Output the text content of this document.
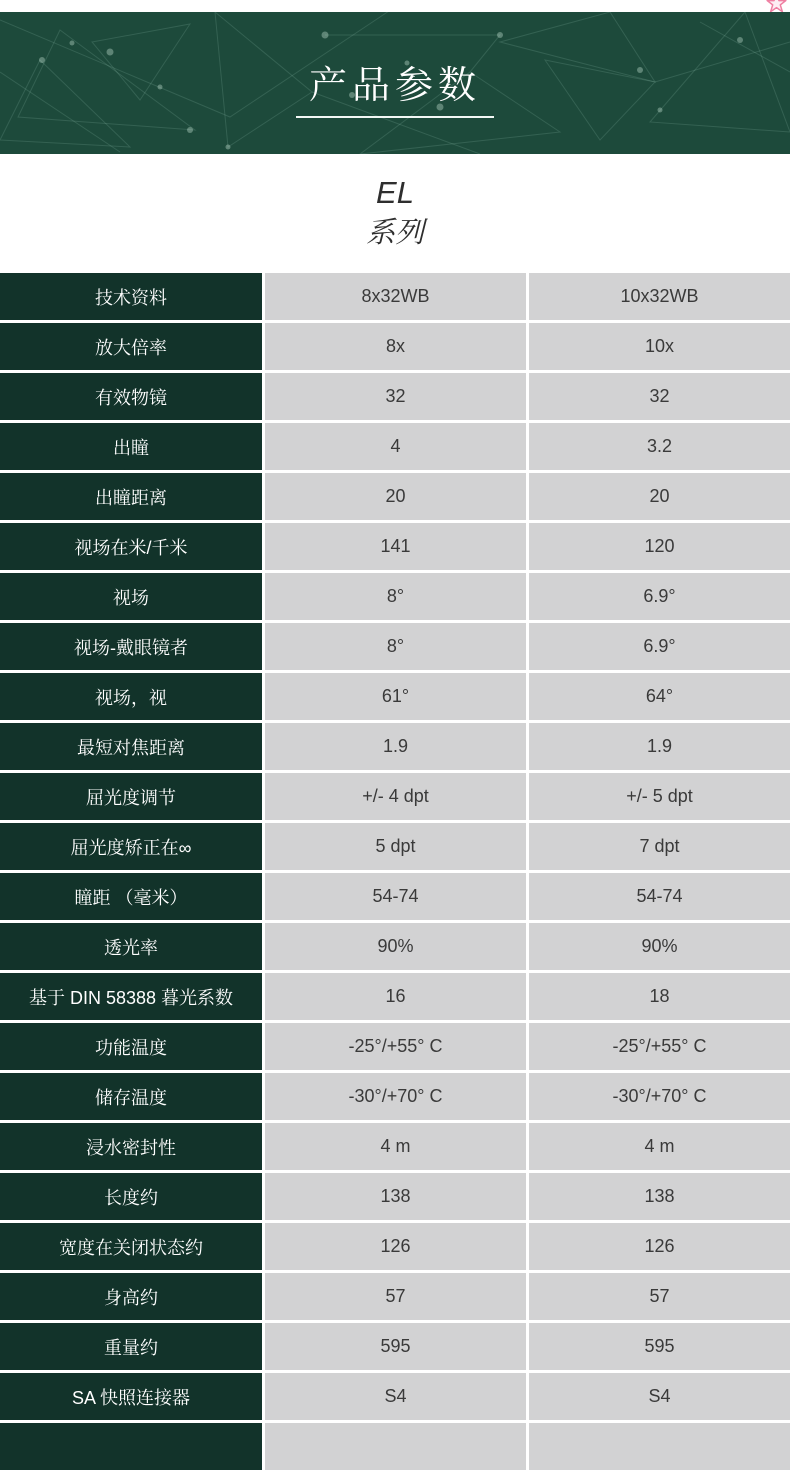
产品参数
EL
系列
技术资料	8x32WB	10x32WB
放大倍率	8x	10x
有效物镜	32	32
出瞳	4	3.2
出瞳距离	20	20
视场在米/千米	141	120
视场	8°	6.9°
视场-戴眼镜者	8°	6.9°
视场，视	61°	64°
最短对焦距离	1.9	1.9
屈光度调节	+/- 4 dpt	+/- 5 dpt
屈光度矫正在∞	5 dpt	7 dpt
瞳距 （毫米）	54-74	54-74
透光率	90%	90%
基于 DIN 58388 暮光系数	16	18
功能温度	-25°/+55° C	-25°/+55° C
储存温度	-30°/+70° C	-30°/+70° C
浸水密封性	4 m	4 m
长度约	138	138
宽度在关闭状态约	126	126
身高约	57	57
重量约	595	595
SA 快照连接器	S4	S4
